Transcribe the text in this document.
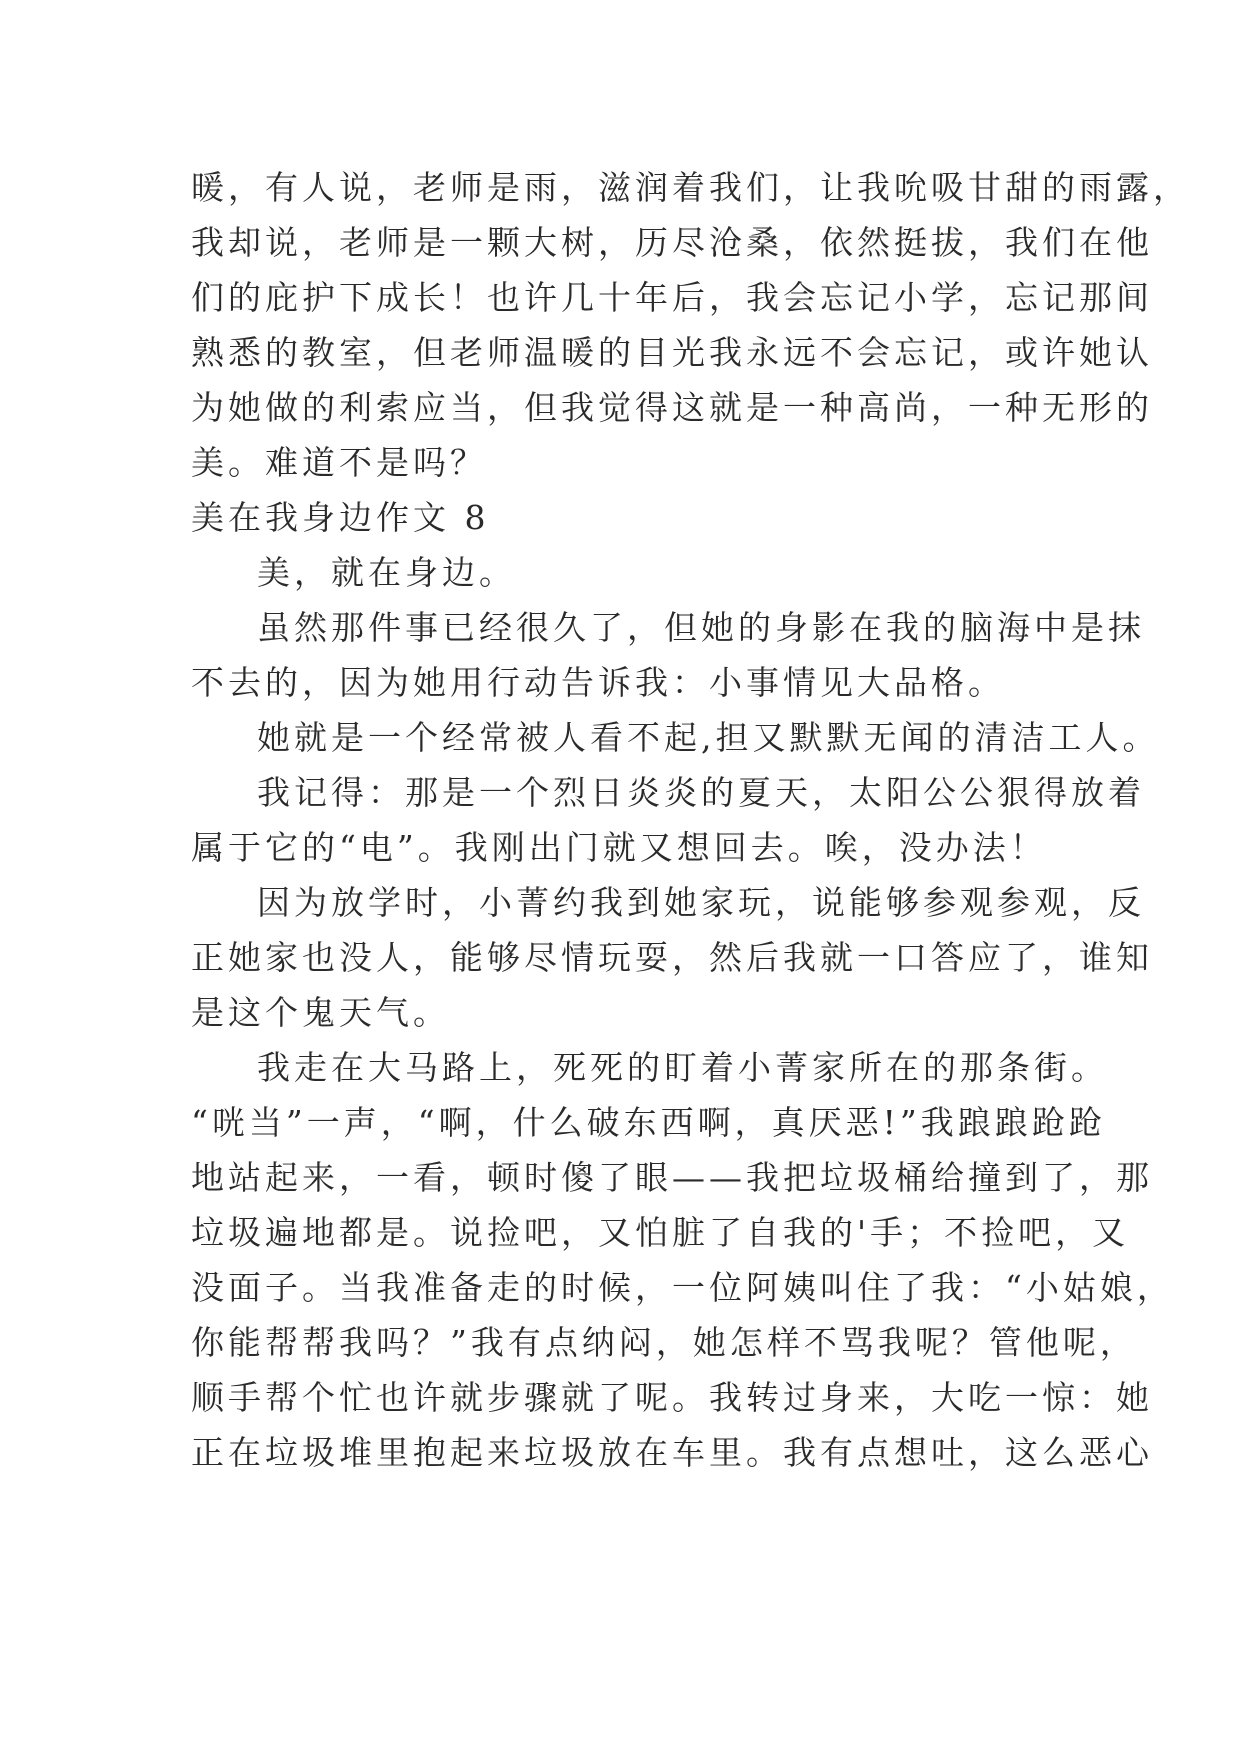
暖，有人说，老师是雨，滋润着我们，让我吮吸甘甜的雨露，
我却说，老师是一颗大树，历尽沧桑，依然挺拔，我们在他
们的庇护下成长！也许几十年后，我会忘记小学，忘记那间
熟悉的教室，但老师温暖的目光我永远不会忘记，或许她认
为她做的利索应当，但我觉得这就是一种高尚，一种无形的
美。难道不是吗？
美在我身边作文 8
美，就在身边。
虽然那件事已经很久了，但她的身影在我的脑海中是抹
不去的，因为她用行动告诉我：小事情见大品格。
她就是一个经常被人看不起,担又默默无闻的清洁工人。
我记得：那是一个烈日炎炎的夏天，太阳公公狠得放着
属于它的“电”。我刚出门就又想回去。唉，没办法！
因为放学时，小菁约我到她家玩，说能够参观参观，反
正她家也没人，能够尽情玩耍，然后我就一口答应了，谁知
是这个鬼天气。
我走在大马路上，死死的盯着小菁家所在的那条街。
“咣当”一声，“啊，什么破东西啊，真厌恶!”我踉踉跄跄
地站起来，一看，顿时傻了眼——我把垃圾桶给撞到了，那
垃圾遍地都是。说捡吧，又怕脏了自我的'手；不捡吧，又
没面子。当我准备走的时候，一位阿姨叫住了我：“小姑娘，
你能帮帮我吗？”我有点纳闷，她怎样不骂我呢？管他呢，
顺手帮个忙也许就步骤就了呢。我转过身来，大吃一惊：她
正在垃圾堆里抱起来垃圾放在车里。我有点想吐，这么恶心
